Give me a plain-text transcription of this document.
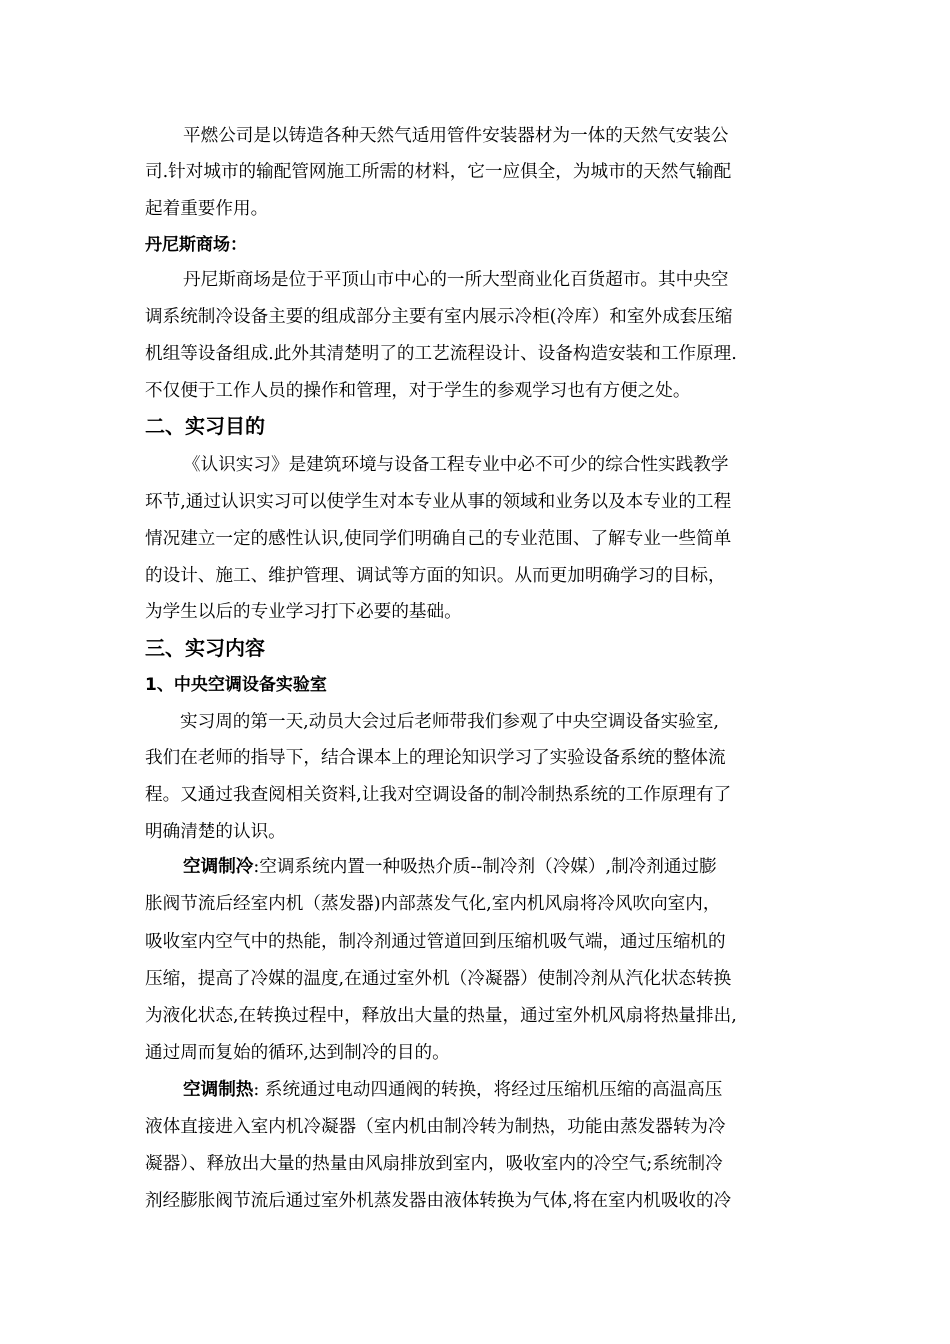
平燃公司是以铸造各种天然气适用管件安装器材为一体的天然气安装公
司.针对城市的输配管网施工所需的材料，它一应俱全，为城市的天然气输配
起着重要作用。
丹尼斯商场：
丹尼斯商场是位于平顶山市中心的一所大型商业化百货超市。其中央空
调系统制冷设备主要的组成部分主要有室内展示冷柜(冷库）和室外成套压缩
机组等设备组成.此外其清楚明了的工艺流程设计、设备构造安装和工作原理.
不仅便于工作人员的操作和管理，对于学生的参观学习也有方便之处。
二、实习目的
《认识实习》是建筑环境与设备工程专业中必不可少的综合性实践教学
环节,通过认识实习可以使学生对本专业从事的领域和业务以及本专业的工程
情况建立一定的感性认识,使同学们明确自己的专业范围、了解专业一些简单
的设计、施工、维护管理、调试等方面的知识。从而更加明确学习的目标，
为学生以后的专业学习打下必要的基础。
三、实习内容
1、中央空调设备实验室
实习周的第一天,动员大会过后老师带我们参观了中央空调设备实验室,
我们在老师的指导下，结合课本上的理论知识学习了实验设备系统的整体流
程。又通过我查阅相关资料,让我对空调设备的制冷制热系统的工作原理有了
明确清楚的认识。
空调制冷:空调系统内置一种吸热介质--制冷剂（冷媒）,制冷剂通过膨
胀阀节流后经室内机（蒸发器)内部蒸发气化,室内机风扇将冷风吹向室内，
吸收室内空气中的热能，制冷剂通过管道回到压缩机吸气端，通过压缩机的
压缩，提高了冷媒的温度,在通过室外机（冷凝器）使制冷剂从汽化状态转换
为液化状态,在转换过程中，释放出大量的热量，通过室外机风扇将热量排出,
通过周而复始的循环,达到制冷的目的。
空调制热: 系统通过电动四通阀的转换，将经过压缩机压缩的高温高压
液体直接进入室内机冷凝器（室内机由制冷转为制热，功能由蒸发器转为冷
凝器）、释放出大量的热量由风扇排放到室内，吸收室内的冷空气;系统制冷
剂经膨胀阀节流后通过室外机蒸发器由液体转换为气体,将在室内机吸收的冷
